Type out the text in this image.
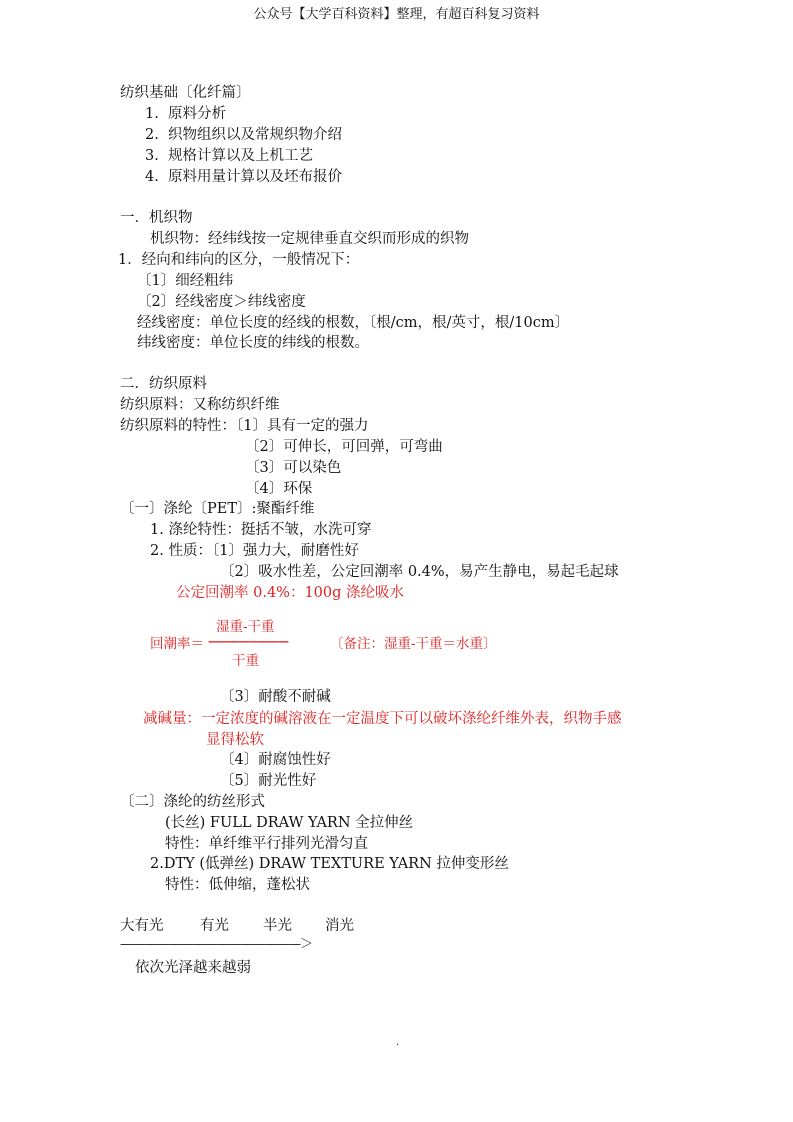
公众号【大学百科资料】整理，有超百科复习资料
纺织基础〔化纤篇〕
1. 原料分析
2. 织物组织以及常规织物介绍
3. 规格计算以及上机工艺
4. 原料用量计算以及坯布报价
一．机织物
机织物：经纬线按一定规律垂直交织而形成的织物
1．经向和纬向的区分，一般情况下：
〔1〕细经粗纬
〔2〕经线密度＞纬线密度
经线密度：单位长度的经线的根数，〔根/cm，根/英寸，根/10cm〕
纬线密度：单位长度的纬线的根数。
二．纺织原料
纺织原料：又称纺织纤维
纺织原料的特性：〔1〕具有一定的强力
〔2〕可伸长，可回弹，可弯曲
〔3〕可以染色
〔4〕环保
〔一〕涤纶〔PET〕:聚酯纤维
1. 涤纶特性：挺括不皱，水洗可穿
2. 性质：〔1〕强力大，耐磨性好
〔2〕吸水性差，公定回潮率 0.4%，易产生静电，易起毛起球
公定回潮率 0.4%：100g 涤纶吸水
湿重-干重
回潮率＝ ————————
干重
〔备注：湿重-干重＝水重〕
〔3〕耐酸不耐碱
减碱量：一定浓度的碱溶液在一定温度下可以破坏涤纶纤维外表，织物手感
显得松软
〔4〕耐腐蚀性好
〔5〕耐光性好
〔二〕涤纶的纺丝形式
(长丝) FULL DRAW YARN 全拉伸丝
特性：单纤维平行排列光滑匀直
2.DTY (低弹丝) DRAW TEXTURE YARN 拉伸变形丝
特性：低伸缩，蓬松状
大有光	有光 半光 消光
———————————————＞
依次光泽越来越弱
.
